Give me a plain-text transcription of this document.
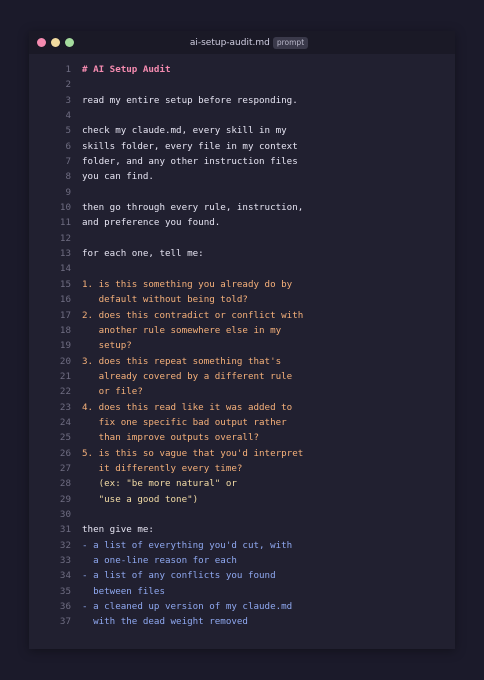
ai-setup-audit.md prompt
1 # AI Setup Audit
2
3 read my entire setup before responding.
4
5 check my claude.md, every skill in my
6 skills folder, every file in my context
7 folder, and any other instruction files
8 you can find.
9
10 then go through every rule, instruction,
11 and preference you found.
12
13 for each one, tell me:
14
15 1. is this something you already do by
16 default without being told?
17 2. does this contradict or conflict with
18 another rule somewhere else in my
19 setup?
20 3. does this repeat something that's
21 already covered by a different rule
22 or file?
23 4. does this read like it was added to
24 fix one specific bad output rather
25 than improve outputs overall?
26 5. is this so vague that you'd interpret
27 it differently every time?
28 (ex: "be more natural" or
29 "use a good tone")
30
31 then give me:
32 - a list of everything you'd cut, with
33 a one-line reason for each
34 - a list of any conflicts you found
35 between files
36 - a cleaned up version of my claude.md
37 with the dead weight removed
